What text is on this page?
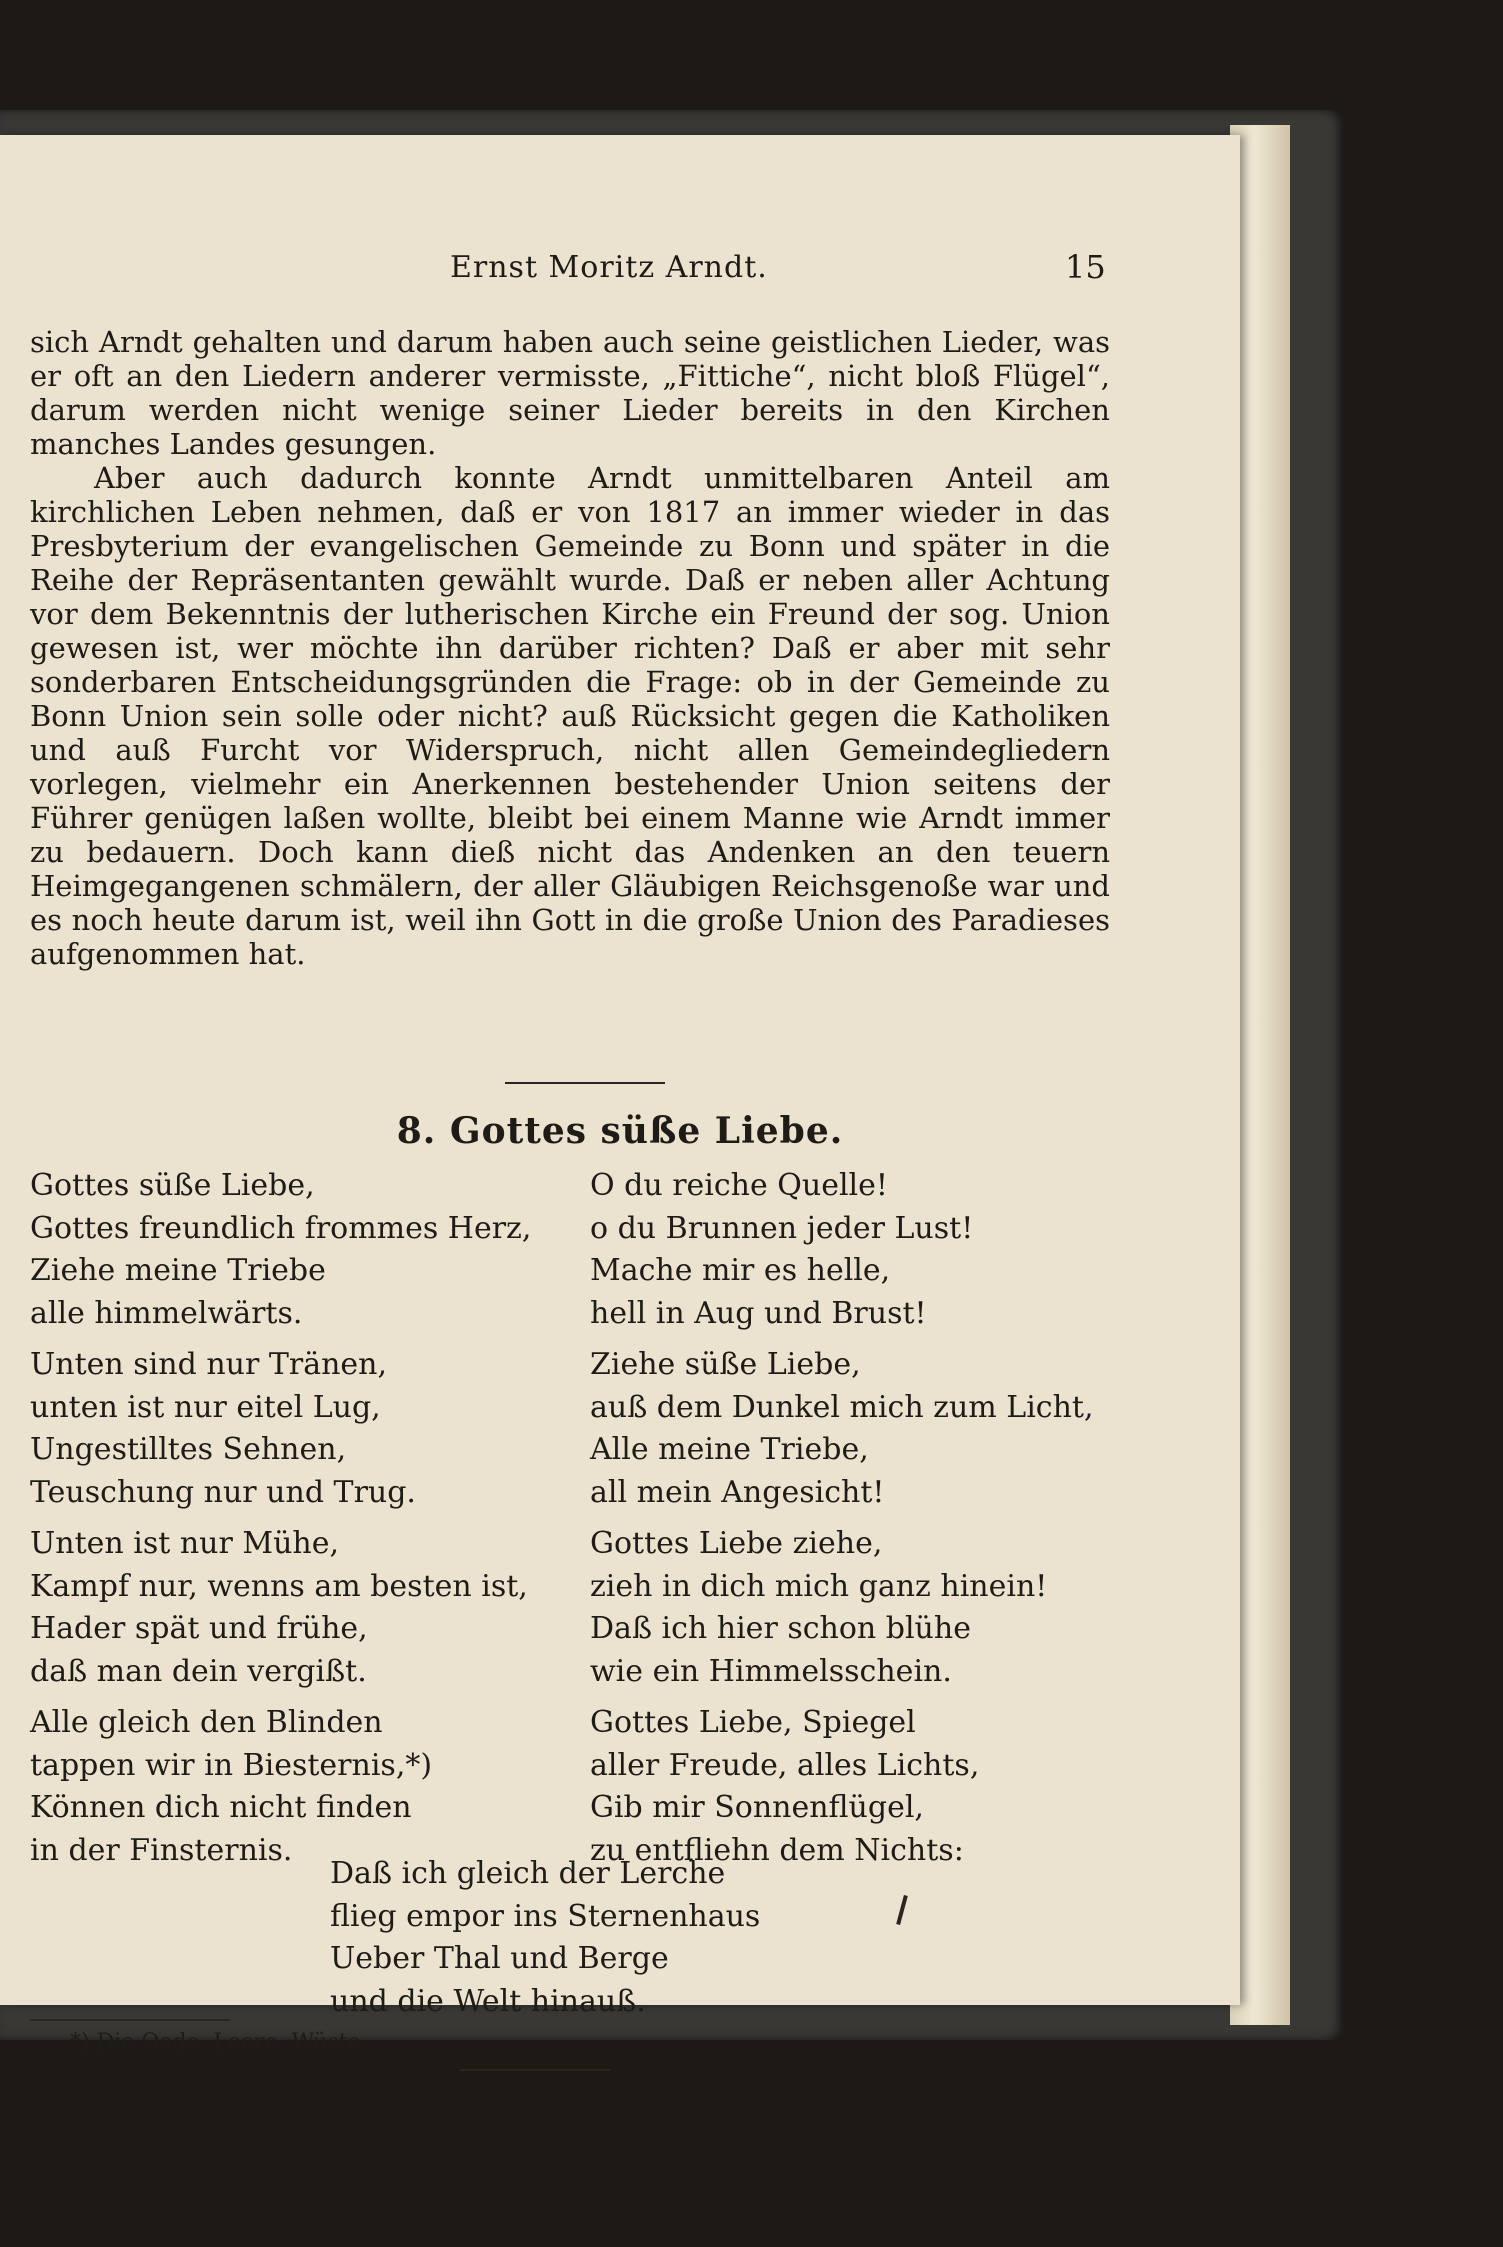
Ernst Moritz Arndt.	15

sich Arndt gehalten und darum haben auch seine geistlichen Lieder, was er oft an den Liedern anderer vermisste, „Fittiche“, nicht bloß Flügel“, darum werden nicht wenige seiner Lieder bereits in den Kirchen manches Landes gesungen.

Aber auch dadurch konnte Arndt unmittelbaren Anteil am kirchlichen Leben nehmen, daß er von 1817 an immer wieder in das Presbyterium der evangelischen Gemeinde zu Bonn und später in die Reihe der Repräsentanten gewählt wurde. Daß er neben aller Achtung vor dem Bekenntnis der lutherischen Kirche ein Freund der sog. Union gewesen ist, wer möchte ihn darüber richten? Daß er aber mit sehr sonderbaren Entscheidungsgründen die Frage: ob in der Gemeinde zu Bonn Union sein solle oder nicht? auß Rücksicht gegen die Katholiken und auß Furcht vor Widerspruch, nicht allen Gemeindegliedern vorlegen, vielmehr ein Anerkennen bestehender Union seitens der Führer genügen laßen wollte, bleibt bei einem Manne wie Arndt immer zu bedauern. Doch kann dieß nicht das Andenken an den teuern Heimgegangenen schmälern, der aller Gläubigen Reichsgenoße war und es noch heute darum ist, weil ihn Gott in die große Union des Paradieses aufgenommen hat.

8. Gottes süße Liebe.
Gottes süße Liebe,
Gottes freundlich frommes Herz,
Ziehe meine Triebe
alle himmelwärts.
Unten sind nur Tränen,
unten ist nur eitel Lug,
Ungestilltes Sehnen,
Teuschung nur und Trug.
Unten ist nur Mühe,
Kampf nur, wenns am besten ist,
Hader spät und frühe,
daß man dein vergißt.
Alle gleich den Blinden
tappen wir in Biesternis,*)
Können dich nicht finden
in der Finsternis.
O du reiche Quelle!
o du Brunnen jeder Lust!
Mache mir es helle,
hell in Aug und Brust!
Ziehe süße Liebe,
auß dem Dunkel mich zum Licht,
Alle meine Triebe,
all mein Angesicht!
Gottes Liebe ziehe,
zieh in dich mich ganz hinein!
Daß ich hier schon blühe
wie ein Himmelsschein.
Gottes Liebe, Spiegel
aller Freude, alles Lichts,
Gib mir Sonnenflügel,
zu entfliehn dem Nichts:
Daß ich gleich der Lerche
flieg empor ins Sternenhaus
Ueber Thal und Berge
und die Welt hinauß.
*) Die Oede, Leere, Wüste.
